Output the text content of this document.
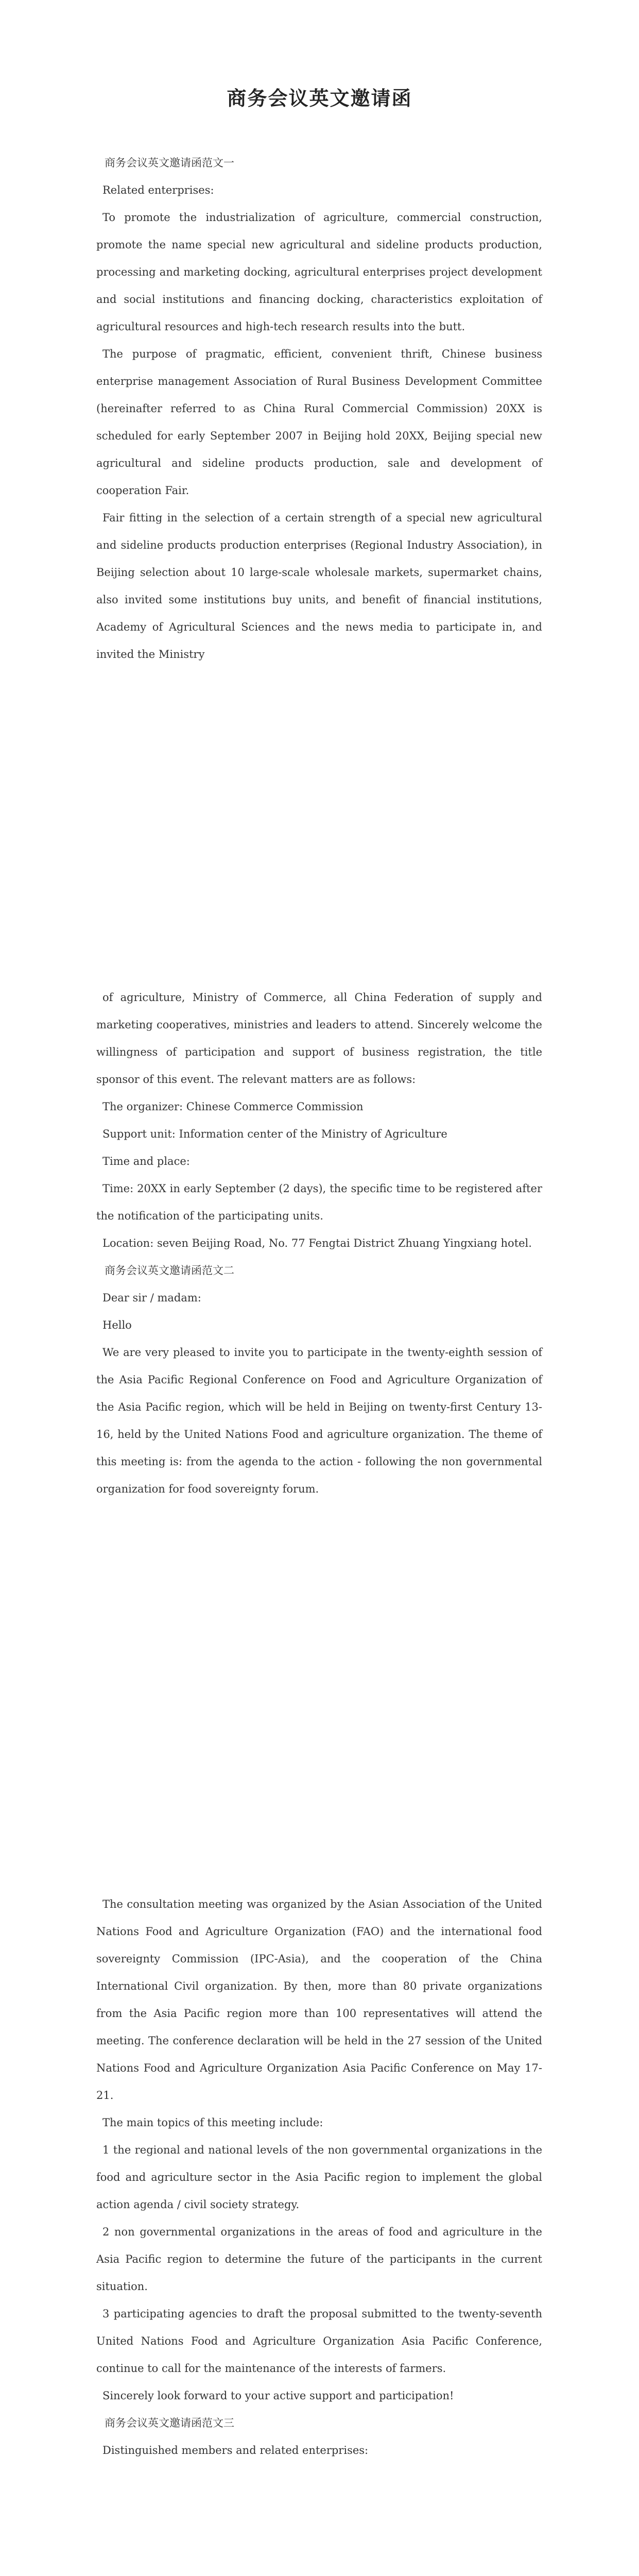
商务会议英文邀请函

商务会议英文邀请函范文一

Related enterprises:

To promote the industrialization of agriculture, commercial construction, promote the name special new agricultural and sideline products production, processing and marketing docking, agricultural enterprises project development and social institutions and financing docking, characteristics exploitation of agricultural resources and high-tech research results into the butt.

The purpose of pragmatic, efficient, convenient thrift, Chinese business enterprise management Association of Rural Business Development Committee (hereinafter referred to as China Rural Commercial Commission) 20XX is scheduled for early September 2007 in Beijing hold 20XX, Beijing special new agricultural and sideline products production, sale and development of cooperation Fair.

Fair fitting in the selection of a certain strength of a special new agricultural and sideline products production enterprises (Regional Industry Association), in Beijing selection about 10 large-scale wholesale markets, supermarket chains, also invited some institutions buy units, and benefit of financial institutions, Academy of Agricultural Sciences and the news media to participate in, and invited the Ministry

of agriculture, Ministry of Commerce, all China Federation of supply and marketing cooperatives, ministries and leaders to attend. Sincerely welcome the willingness of participation and support of business registration, the title sponsor of this event. The relevant matters are as follows:

The organizer: Chinese Commerce Commission

Support unit: Information center of the Ministry of Agriculture

Time and place:

Time: 20XX in early September (2 days), the specific time to be registered after the notification of the participating units.

Location: seven Beijing Road, No. 77 Fengtai District Zhuang Yingxiang hotel.

商务会议英文邀请函范文二

Dear sir / madam:

Hello

We are very pleased to invite you to participate in the twenty-eighth session of the Asia Pacific Regional Conference on Food and Agriculture Organization of the Asia Pacific region, which will be held in Beijing on twenty-first Century 13-16, held by the United Nations Food and agriculture organization. The theme of this meeting is: from the agenda to the action - following the non governmental organization for food sovereignty forum.

The consultation meeting was organized by the Asian Association of the United Nations Food and Agriculture Organization (FAO) and the international food sovereignty Commission (IPC-Asia), and the cooperation of the China International Civil organization. By then, more than 80 private organizations from the Asia Pacific region more than 100 representatives will attend the meeting. The conference declaration will be held in the 27 session of the United Nations Food and Agriculture Organization Asia Pacific Conference on May 17-21.

The main topics of this meeting include:

1 the regional and national levels of the non governmental organizations in the food and agriculture sector in the Asia Pacific region to implement the global action agenda / civil society strategy.

2 non governmental organizations in the areas of food and agriculture in the Asia Pacific region to determine the future of the participants in the current situation.

3 participating agencies to draft the proposal submitted to the twenty-seventh United Nations Food and Agriculture Organization Asia Pacific Conference, continue to call for the maintenance of the interests of farmers.

Sincerely look forward to your active support and participation!

商务会议英文邀请函范文三

Distinguished members and related enterprises:
